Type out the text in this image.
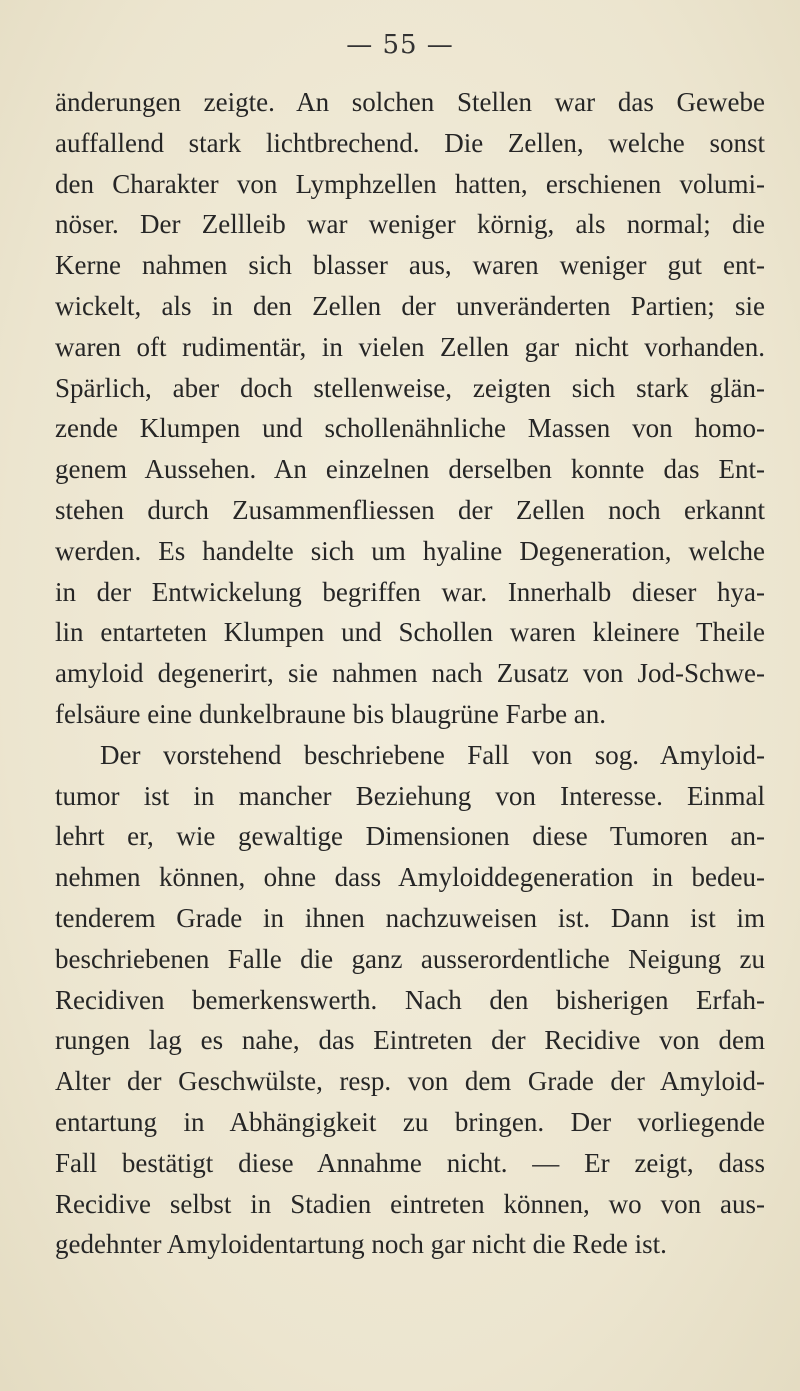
— 55 —
änderungen zeigte. An solchen Stellen war das Gewebe
auffallend stark lichtbrechend. Die Zellen, welche sonst
den Charakter von Lymphzellen hatten, erschienen volumi-
nöser. Der Zellleib war weniger körnig, als normal; die
Kerne nahmen sich blasser aus, waren weniger gut ent-
wickelt, als in den Zellen der unveränderten Partien; sie
waren oft rudimentär, in vielen Zellen gar nicht vorhanden.
Spärlich, aber doch stellenweise, zeigten sich stark glän-
zende Klumpen und schollenähnliche Massen von homo-
genem Aussehen. An einzelnen derselben konnte das Ent-
stehen durch Zusammenfliessen der Zellen noch erkannt
werden. Es handelte sich um hyaline Degeneration, welche
in der Entwickelung begriffen war. Innerhalb dieser hya-
lin entarteten Klumpen und Schollen waren kleinere Theile
amyloid degenerirt, sie nahmen nach Zusatz von Jod-Schwe-
felsäure eine dunkelbraune bis blaugrüne Farbe an.
Der vorstehend beschriebene Fall von sog. Amyloid-
tumor ist in mancher Beziehung von Interesse. Einmal
lehrt er, wie gewaltige Dimensionen diese Tumoren an-
nehmen können, ohne dass Amyloiddegeneration in bedeu-
tenderem Grade in ihnen nachzuweisen ist. Dann ist im
beschriebenen Falle die ganz ausserordentliche Neigung zu
Recidiven bemerkenswerth. Nach den bisherigen Erfah-
rungen lag es nahe, das Eintreten der Recidive von dem
Alter der Geschwülste, resp. von dem Grade der Amyloid-
entartung in Abhängigkeit zu bringen. Der vorliegende
Fall bestätigt diese Annahme nicht. — Er zeigt, dass
Recidive selbst in Stadien eintreten können, wo von aus-
gedehnter Amyloidentartung noch gar nicht die Rede ist.
